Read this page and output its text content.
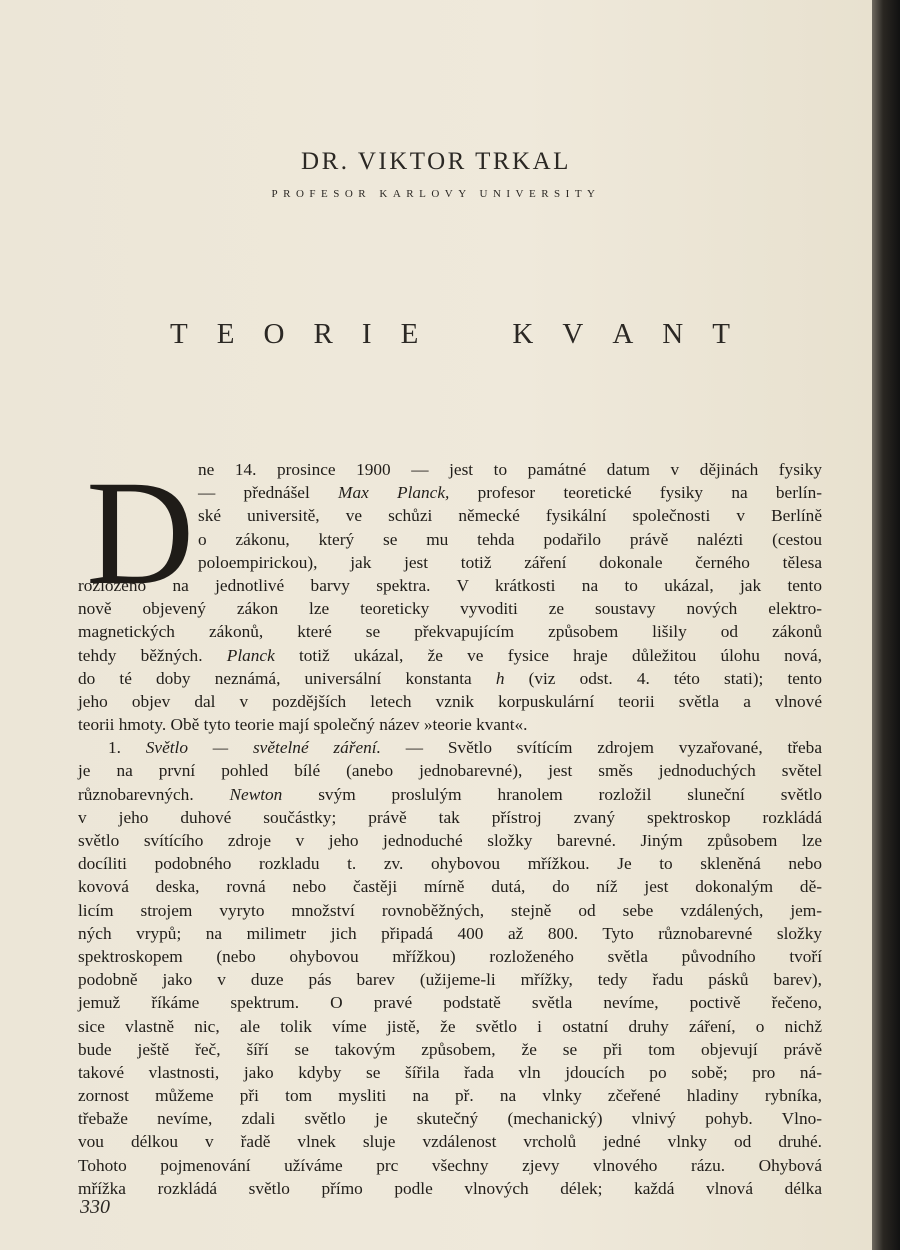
DR. VIKTOR TRKAL
PROFESOR KARLOVY UNIVERSITY
T E O R I E	K V A N T
D ne 14. prosince 1900 — jest to památné datum v dějinách fysiky
— přednášel Max Planck, profesor teoretické fysiky na berlín-
ské universitě, ve schůzi německé fysikální společnosti v Berlíně
o zákonu, který se mu tehda podařilo právě nalézti (cestou
poloempirickou), jak jest totiž záření dokonale černého tělesa
rozloženo na jednotlivé barvy spektra. V krátkosti na to ukázal, jak tento
nově objevený zákon lze teoreticky vyvoditi ze soustavy nových elektro-
magnetických zákonů, které se překvapujícím způsobem lišily od zákonů
tehdy běžných. Planck totiž ukázal, že ve fysice hraje důležitou úlohu nová,
do té doby neznámá, universální konstanta h (viz odst. 4. této stati); tento
jeho objev dal v pozdějších letech vznik korpuskulární teorii světla a vlnové
teorii hmoty. Obě tyto teorie mají společný název »teorie kvant«.
1. Světlo — světelné záření. — Světlo svítícím zdrojem vyzařované, třeba
je na první pohled bílé (anebo jednobarevné), jest směs jednoduchých světel
různobarevných. Newton svým proslulým hranolem rozložil sluneční světlo
v jeho duhové součástky; právě tak přístroj zvaný spektroskop rozkládá
světlo svítícího zdroje v jeho jednoduché složky barevné. Jiným způsobem lze
docíliti podobného rozkladu t. zv. ohybovou mřížkou. Je to skleněná nebo
kovová deska, rovná nebo častěji mírně dutá, do níž jest dokonalým dě-
licím strojem vyryto množství rovnoběžných, stejně od sebe vzdálených, jem-
ných vrypů; na milimetr jich připadá 400 až 800. Tyto různobarevné složky
spektroskopem (nebo ohybovou mřížkou) rozloženého světla původního tvoří
podobně jako v duze pás barev (užijeme-li mřížky, tedy řadu pásků barev),
jemuž říkáme spektrum. O pravé podstatě světla nevíme, poctivě řečeno,
sice vlastně nic, ale tolik víme jistě, že světlo i ostatní druhy záření, o nichž
bude ještě řeč, šíří se takovým způsobem, že se při tom objevují právě
takové vlastnosti, jako kdyby se šířila řada vln jdoucích po sobě; pro ná-
zornost můžeme při tom mysliti na př. na vlnky zčeřené hladiny rybníka,
třebaže nevíme, zdali světlo je skutečný (mechanický) vlnivý pohyb. Vlno-
vou délkou v řadě vlnek sluje vzdálenost vrcholů jedné vlnky od druhé.
Tohoto pojmenování užíváme prc všechny zjevy vlnového rázu. Ohybová
mřížka rozkládá světlo přímo podle vlnových délek; každá vlnová délka
330
